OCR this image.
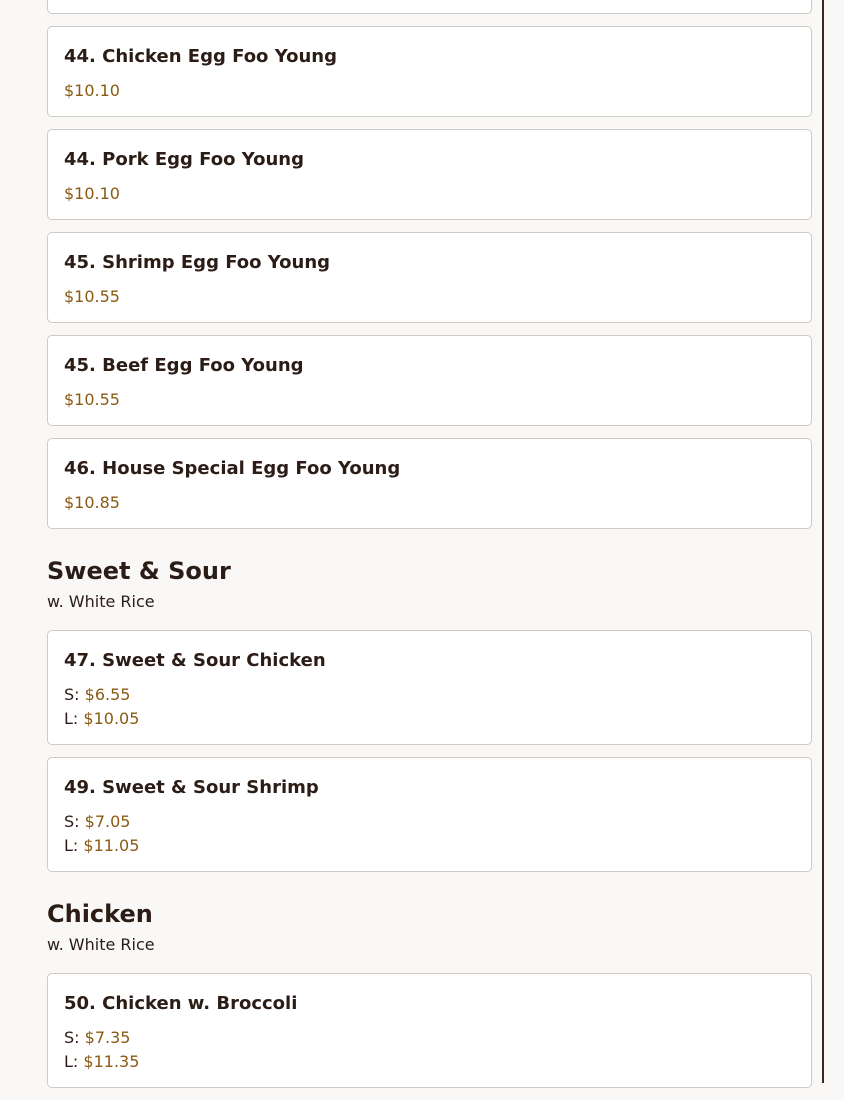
44. Chicken Egg Foo Young
$10.10
44. Pork Egg Foo Young
$10.10
45. Shrimp Egg Foo Young
$10.55
45. Beef Egg Foo Young
$10.55
46. House Special Egg Foo Young
$10.85
Sweet & Sour
w. White Rice
47. Sweet & Sour Chicken
S: $6.55
L: $10.05
49. Sweet & Sour Shrimp
S: $7.05
L: $11.05
Chicken
w. White Rice
50. Chicken w. Broccoli
S: $7.35
L: $11.35
